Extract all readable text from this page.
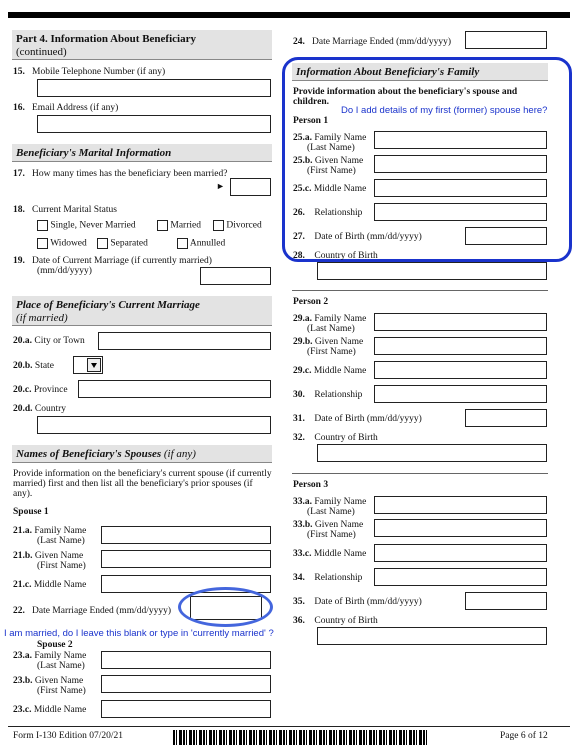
Part 4. Information About Beneficiary
(continued)
15. Mobile Telephone Number (if any)
16. Email Address (if any)
Beneficiary's Marital Information
17. How many times has the beneficiary been married?
►
18. Current Marital Status
Single, Never Married	Married	Divorced
Widowed	Separated	Annulled
19. Date of Current Marriage (if currently married)
(mm/dd/yyyy)
Place of Beneficiary's Current Marriage
(if married)
20.a. City or Town
20.b. State
20.c. Province
20.d. Country
Names of Beneficiary's Spouses (if any)
Provide information on the beneficiary's current spouse (if currently married) first and then list all the beneficiary's prior spouses (if any).
Spouse 1
21.a. Family Name
(Last Name)
21.b. Given Name
(First Name)
21.c. Middle Name
22. Date Marriage Ended (mm/dd/yyyy)
I am married, do I leave this blank or type in 'currently married' ?
Spouse 2
23.a. Family Name
(Last Name)
23.b. Given Name
(First Name)
23.c. Middle Name
24. Date Marriage Ended (mm/dd/yyyy)
Information About Beneficiary's Family
Provide information about the beneficiary's spouse and children.
Do I add details of my first (former) spouse here?
Person 1
25.a. Family Name
(Last Name)
25.b. Given Name
(First Name)
25.c. Middle Name
26. Relationship
27. Date of Birth (mm/dd/yyyy)
28. Country of Birth
Person 2
29.a. Family Name
(Last Name)
29.b. Given Name
(First Name)
29.c. Middle Name
30. Relationship
31. Date of Birth (mm/dd/yyyy)
32. Country of Birth
Person 3
33.a. Family Name
(Last Name)
33.b. Given Name
(First Name)
33.c. Middle Name
34. Relationship
35. Date of Birth (mm/dd/yyyy)
36. Country of Birth
Form I-130 Edition 07/20/21	Page 6 of 12
